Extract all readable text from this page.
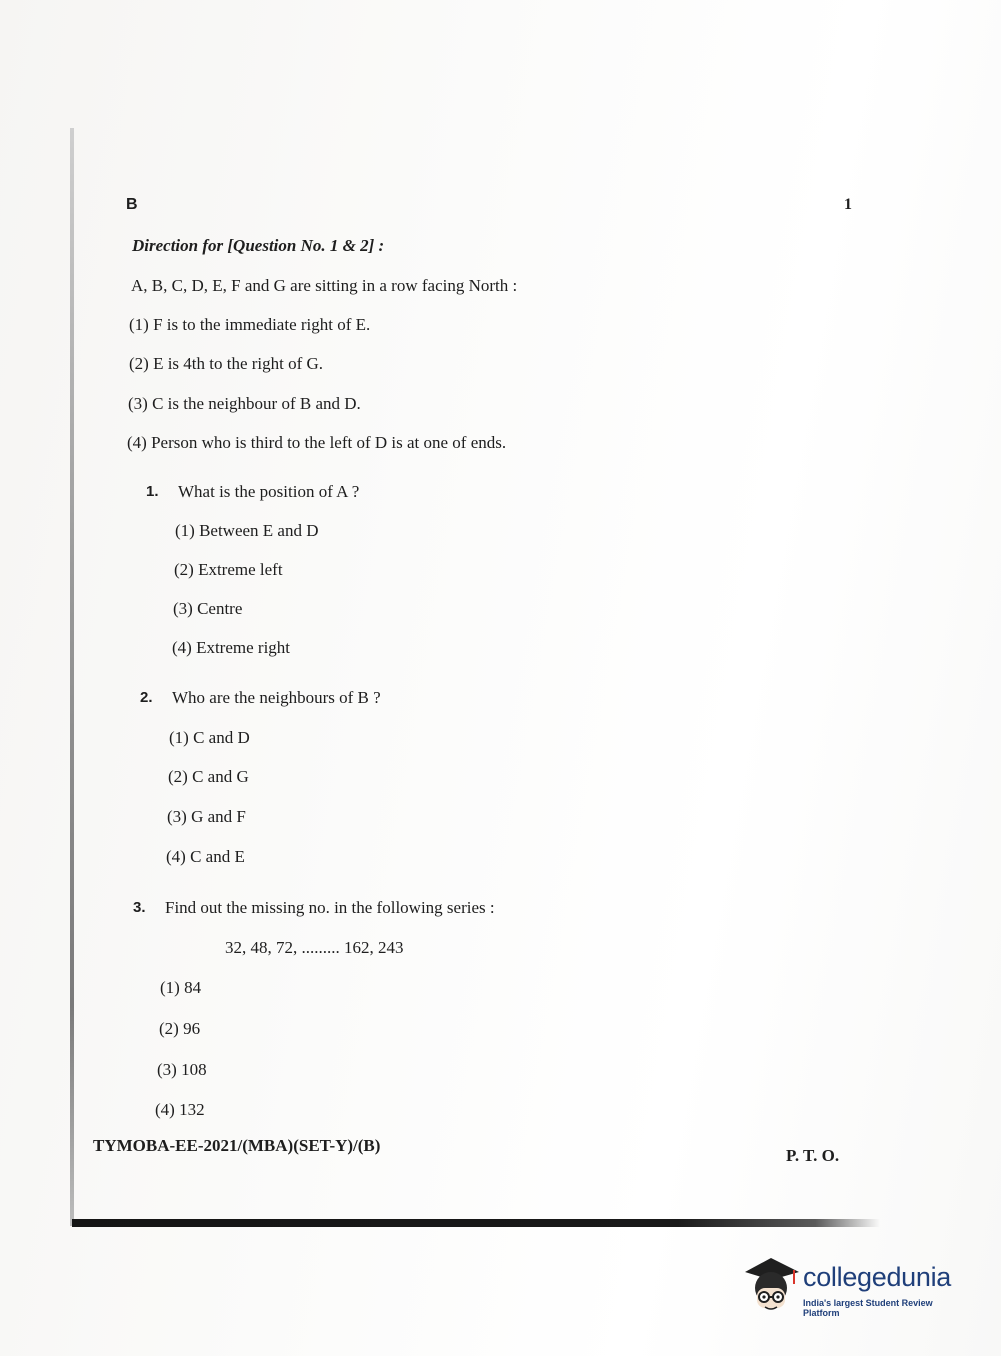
B	1
Direction for [Question No. 1 & 2] :
A, B, C, D, E, F and G are sitting in a row facing North :
(1) F is to the immediate right of E.
(2) E is 4th to the right of G.
(3) C is the neighbour of B and D.
(4) Person who is third to the left of D is at one of ends.
1. What is the position of A ?
(1) Between E and D
(2) Extreme left
(3) Centre
(4) Extreme right
2. Who are the neighbours of B ?
(1) C and D
(2) C and G
(3) G and F
(4) C and E
3. Find out the missing no. in the following series :
32, 48, 72, ......... 162, 243
(1) 84
(2) 96
(3) 108
(4) 132
TYMOBA-EE-2021/(MBA)(SET-Y)/(B)
P. T. O.
collegedunia
India's largest Student Review Platform
